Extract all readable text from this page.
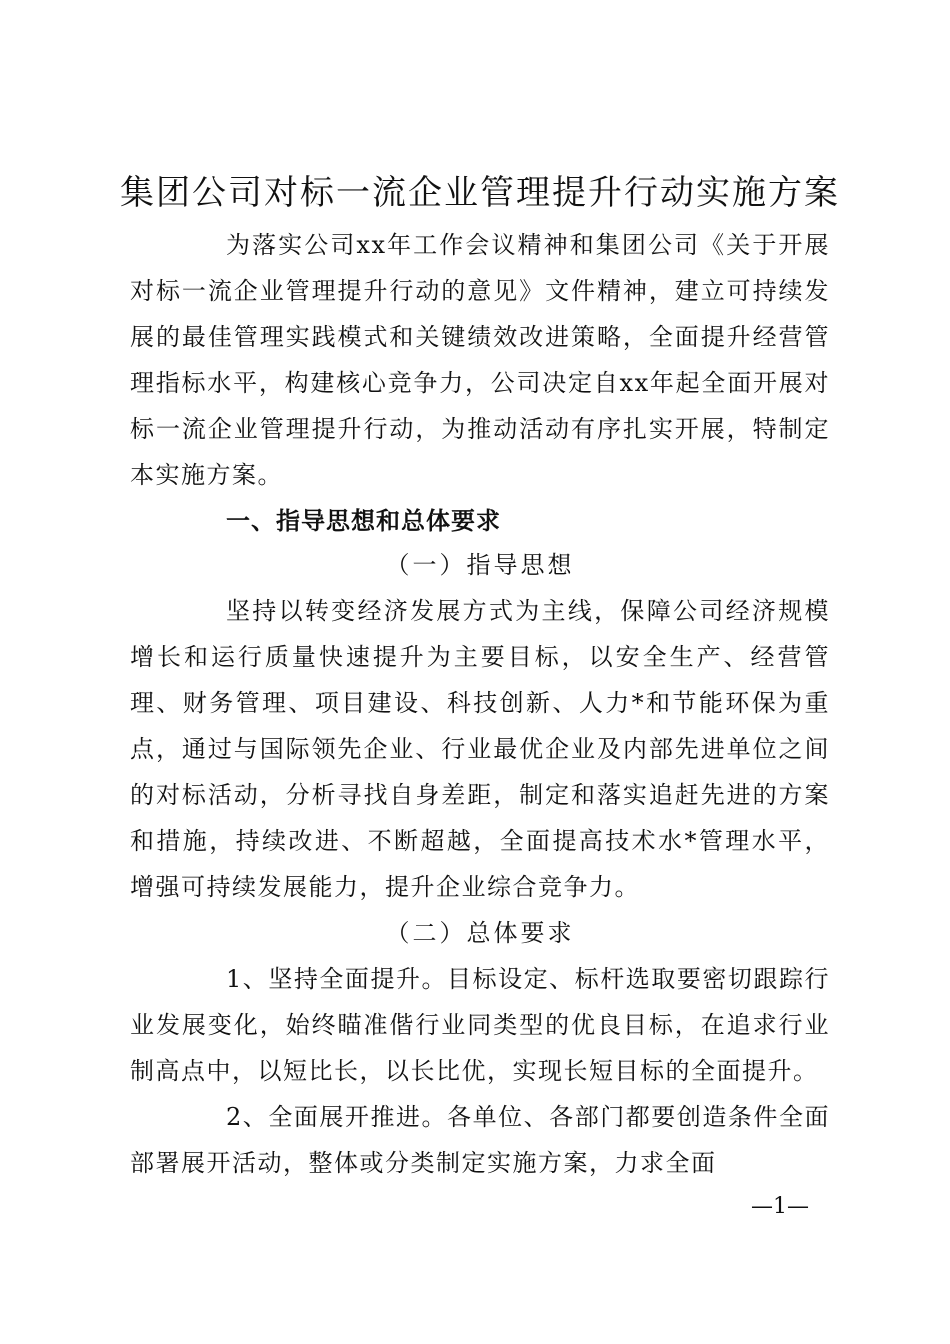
集团公司对标一流企业管理提升行动实施方案

为落实公司xx年工作会议精神和集团公司《关于开展对标一流企业管理提升行动的意见》文件精神，建立可持续发展的最佳管理实践模式和关键绩效改进策略，全面提升经营管理指标水平，构建核心竞争力，公司决定自xx年起全面开展对标一流企业管理提升行动，为推动活动有序扎实开展，特制定本实施方案。

一、指导思想和总体要求
（一）指导思想

坚持以转变经济发展方式为主线，保障公司经济规模增长和运行质量快速提升为主要目标，以安全生产、经营管理、财务管理、项目建设、科技创新、人力*和节能环保为重点，通过与国际领先企业、行业最优企业及内部先进单位之间的对标活动，分析寻找自身差距，制定和落实追赶先进的方案和措施，持续改进、不断超越，全面提高技术水*管理水平，增强可持续发展能力，提升企业综合竞争力。

（二）总体要求

1、坚持全面提升。目标设定、标杆选取要密切跟踪行业发展变化，始终瞄准偕行业同类型的优良目标，在追求行业制高点中，以短比长，以长比优，实现长短目标的全面提升。

2、全面展开推进。各单位、各部门都要创造条件全面部署展开活动，整体或分类制定实施方案，力求全面

—1—
